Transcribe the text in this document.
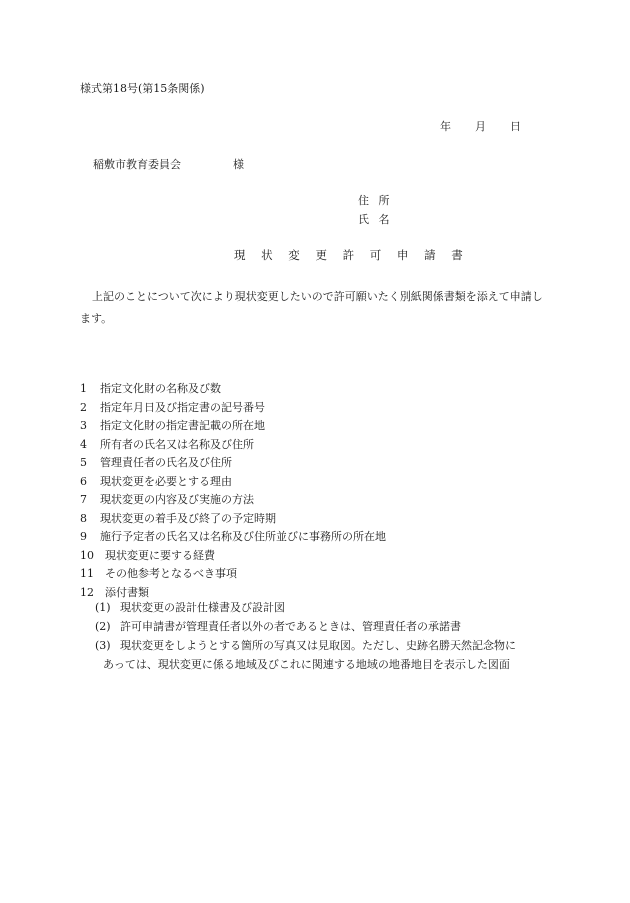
様式第18号(第15条関係)
年 月 日
稲敷市教育委員会	様
住 所
氏 名
現 状 変 更 許 可 申 請 書
上記のことについて次により現状変更したいので許可願いたく別紙関係書類を添えて申請します。
1 指定文化財の名称及び数
2 指定年月日及び指定書の記号番号
3 指定文化財の指定書記載の所在地
4 所有者の氏名又は名称及び住所
5 管理責任者の氏名及び住所
6 現状変更を必要とする理由
7 現状変更の内容及び実施の方法
8 現状変更の着手及び終了の予定時期
9 施行予定者の氏名又は名称及び住所並びに事務所の所在地
10 現状変更に要する経費
11 その他参考となるべき事項
12 添付書類
(1) 現状変更の設計仕様書及び設計図
(2) 許可申請書が管理責任者以外の者であるときは、管理責任者の承諾書
(3) 現状変更をしようとする箇所の写真又は見取図。ただし、史跡名勝天然記念物に
あっては、現状変更に係る地域及びこれに関連する地域の地番地目を表示した図面
